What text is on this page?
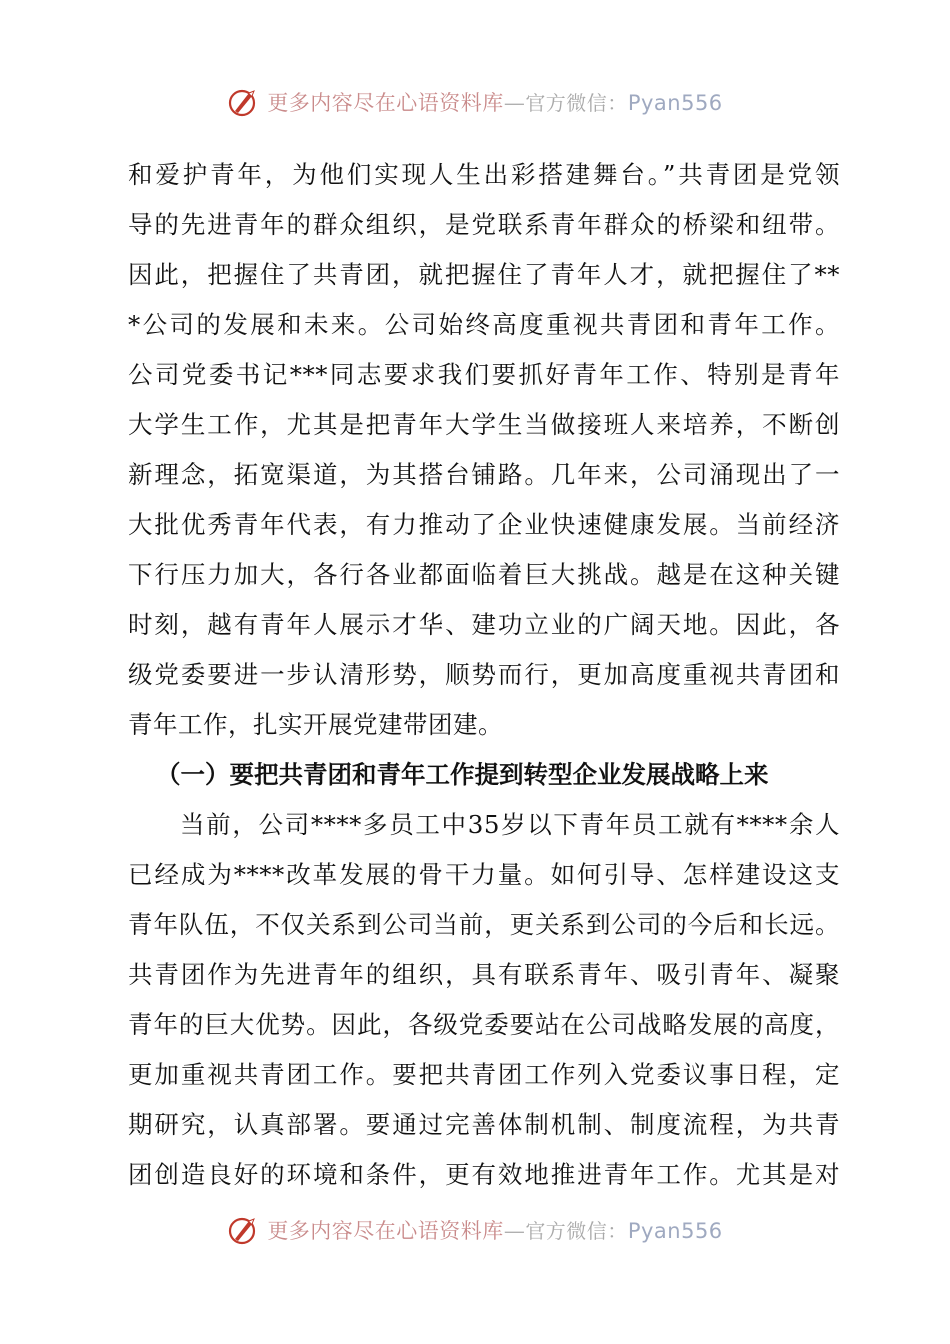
更多内容尽在心语资料库—官方微信：Pyan556
和爱护青年，为他们实现人生出彩搭建舞台。”共青团是党领
导的先进青年的群众组织，是党联系青年群众的桥梁和纽带。
因此，把握住了共青团，就把握住了青年人才，就把握住了**
*公司的发展和未来。公司始终高度重视共青团和青年工作。
公司党委书记***同志要求我们要抓好青年工作、特别是青年
大学生工作，尤其是把青年大学生当做接班人来培养，不断创
新理念，拓宽渠道，为其搭台铺路。几年来，公司涌现出了一
大批优秀青年代表，有力推动了企业快速健康发展。当前经济
下行压力加大，各行各业都面临着巨大挑战。越是在这种关键
时刻，越有青年人展示才华、建功立业的广阔天地。因此，各
级党委要进一步认清形势，顺势而行，更加高度重视共青团和
青年工作，扎实开展党建带团建。
（一）要把共青团和青年工作提到转型企业发展战略上来
当前，公司****多员工中35岁以下青年员工就有****余人
已经成为****改革发展的骨干力量。如何引导、怎样建设这支
青年队伍，不仅关系到公司当前，更关系到公司的今后和长远。
共青团作为先进青年的组织，具有联系青年、吸引青年、凝聚
青年的巨大优势。因此，各级党委要站在公司战略发展的高度，
更加重视共青团工作。要把共青团工作列入党委议事日程，定
期研究，认真部署。要通过完善体制机制、制度流程，为共青
团创造良好的环境和条件，更有效地推进青年工作。尤其是对
更多内容尽在心语资料库—官方微信：Pyan556
